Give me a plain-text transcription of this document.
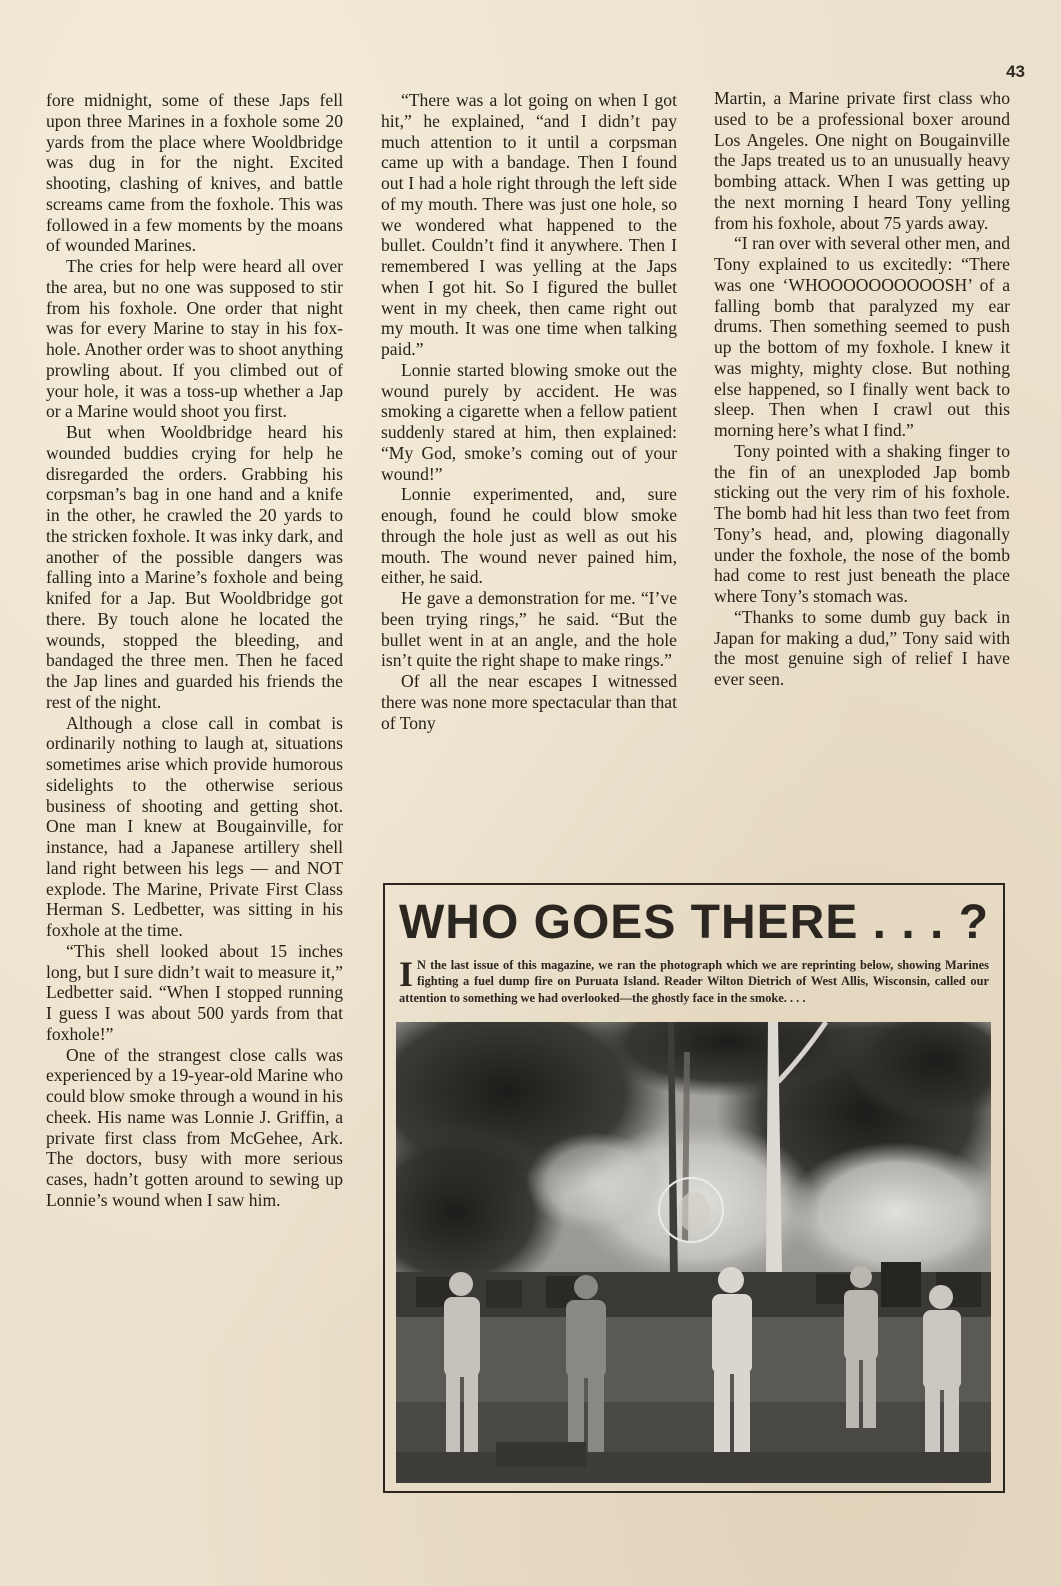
43

fore midnight, some of these Japs fell upon three Marines in a foxhole some 20 yards from the place where Wooldbridge was dug in for the night. Excited shooting, clashing of knives, and battle screams came from the foxhole. This was followed in a few moments by the moans of wounded Marines.

The cries for help were heard all over the area, but no one was supposed to stir from his foxhole. One order that night was for every Marine to stay in his fox-hole. Another order was to shoot anything prowling about. If you climbed out of your hole, it was a toss-up whether a Jap or a Marine would shoot you first.

But when Wooldbridge heard his wounded buddies crying for help he disregarded the orders. Grabbing his corpsman’s bag in one hand and a knife in the other, he crawled the 20 yards to the stricken foxhole. It was inky dark, and another of the possible dangers was falling into a Marine’s foxhole and being knifed for a Jap. But Wooldbridge got there. By touch alone he located the wounds, stopped the bleeding, and bandaged the three men. Then he faced the Jap lines and guarded his friends the rest of the night.

Although a close call in combat is ordinarily nothing to laugh at, situations sometimes arise which provide humorous sidelights to the otherwise serious business of shooting and getting shot. One man I knew at Bougainville, for instance, had a Japanese artillery shell land right between his legs — and NOT explode. The Marine, Private First Class Herman S. Ledbetter, was sitting in his foxhole at the time.

“This shell looked about 15 inches long, but I sure didn’t wait to measure it,” Ledbetter said. “When I stopped running I guess I was about 500 yards from that foxhole!”

One of the strangest close calls was experienced by a 19-year-old Marine who could blow smoke through a wound in his cheek. His name was Lonnie J. Griffin, a private first class from McGehee, Ark. The doctors, busy with more serious cases, hadn’t gotten around to sewing up Lonnie’s wound when I saw him.

“There was a lot going on when I got hit,” he explained, “and I didn’t pay much attention to it until a corpsman came up with a bandage. Then I found out I had a hole right through the left side of my mouth. There was just one hole, so we wondered what happened to the bullet. Couldn’t find it anywhere. Then I remembered I was yelling at the Japs when I got hit. So I figured the bullet went in my cheek, then came right out my mouth. It was one time when talking paid.”

Lonnie started blowing smoke out the wound purely by accident. He was smoking a cigarette when a fellow patient suddenly stared at him, then explained: “My God, smoke’s coming out of your wound!”

Lonnie experimented, and, sure enough, found he could blow smoke through the hole just as well as out his mouth. The wound never pained him, either, he said.

He gave a demonstration for me. “I’ve been trying rings,” he said. “But the bullet went in at an angle, and the hole isn’t quite the right shape to make rings.”

Of all the near escapes I witnessed there was none more spectacular than that of Tony

Martin, a Marine private first class who used to be a professional boxer around Los Angeles. One night on Bougainville the Japs treated us to an unusually heavy bombing attack. When I was getting up the next morning I heard Tony yelling from his foxhole, about 75 yards away.

“I ran over with several other men, and Tony explained to us excitedly: “There was one ‘WHOOOOOOOOOOSH’ of a falling bomb that paralyzed my ear drums. Then something seemed to push up the bottom of my foxhole. I knew it was mighty, mighty close. But nothing else happened, so I finally went back to sleep. Then when I crawl out this morning here’s what I find.”

Tony pointed with a shaking finger to the fin of an unexploded Jap bomb sticking out the very rim of his foxhole. The bomb had hit less than two feet from Tony’s head, and, plowing diagonally under the foxhole, the nose of the bomb had come to rest just beneath the place where Tony’s stomach was.

“Thanks to some dumb guy back in Japan for making a dud,” Tony said with the most genuine sigh of relief I have ever seen.

WHO GOES THERE . . . ?
I N the last issue of this magazine, we ran the photograph which we are reprinting below, showing Marines fighting a fuel dump fire on Puruata Island. Reader Wilton Dietrich of West Allis, Wisconsin, called our attention to something we had overlooked—the ghostly face in the smoke. . . .
